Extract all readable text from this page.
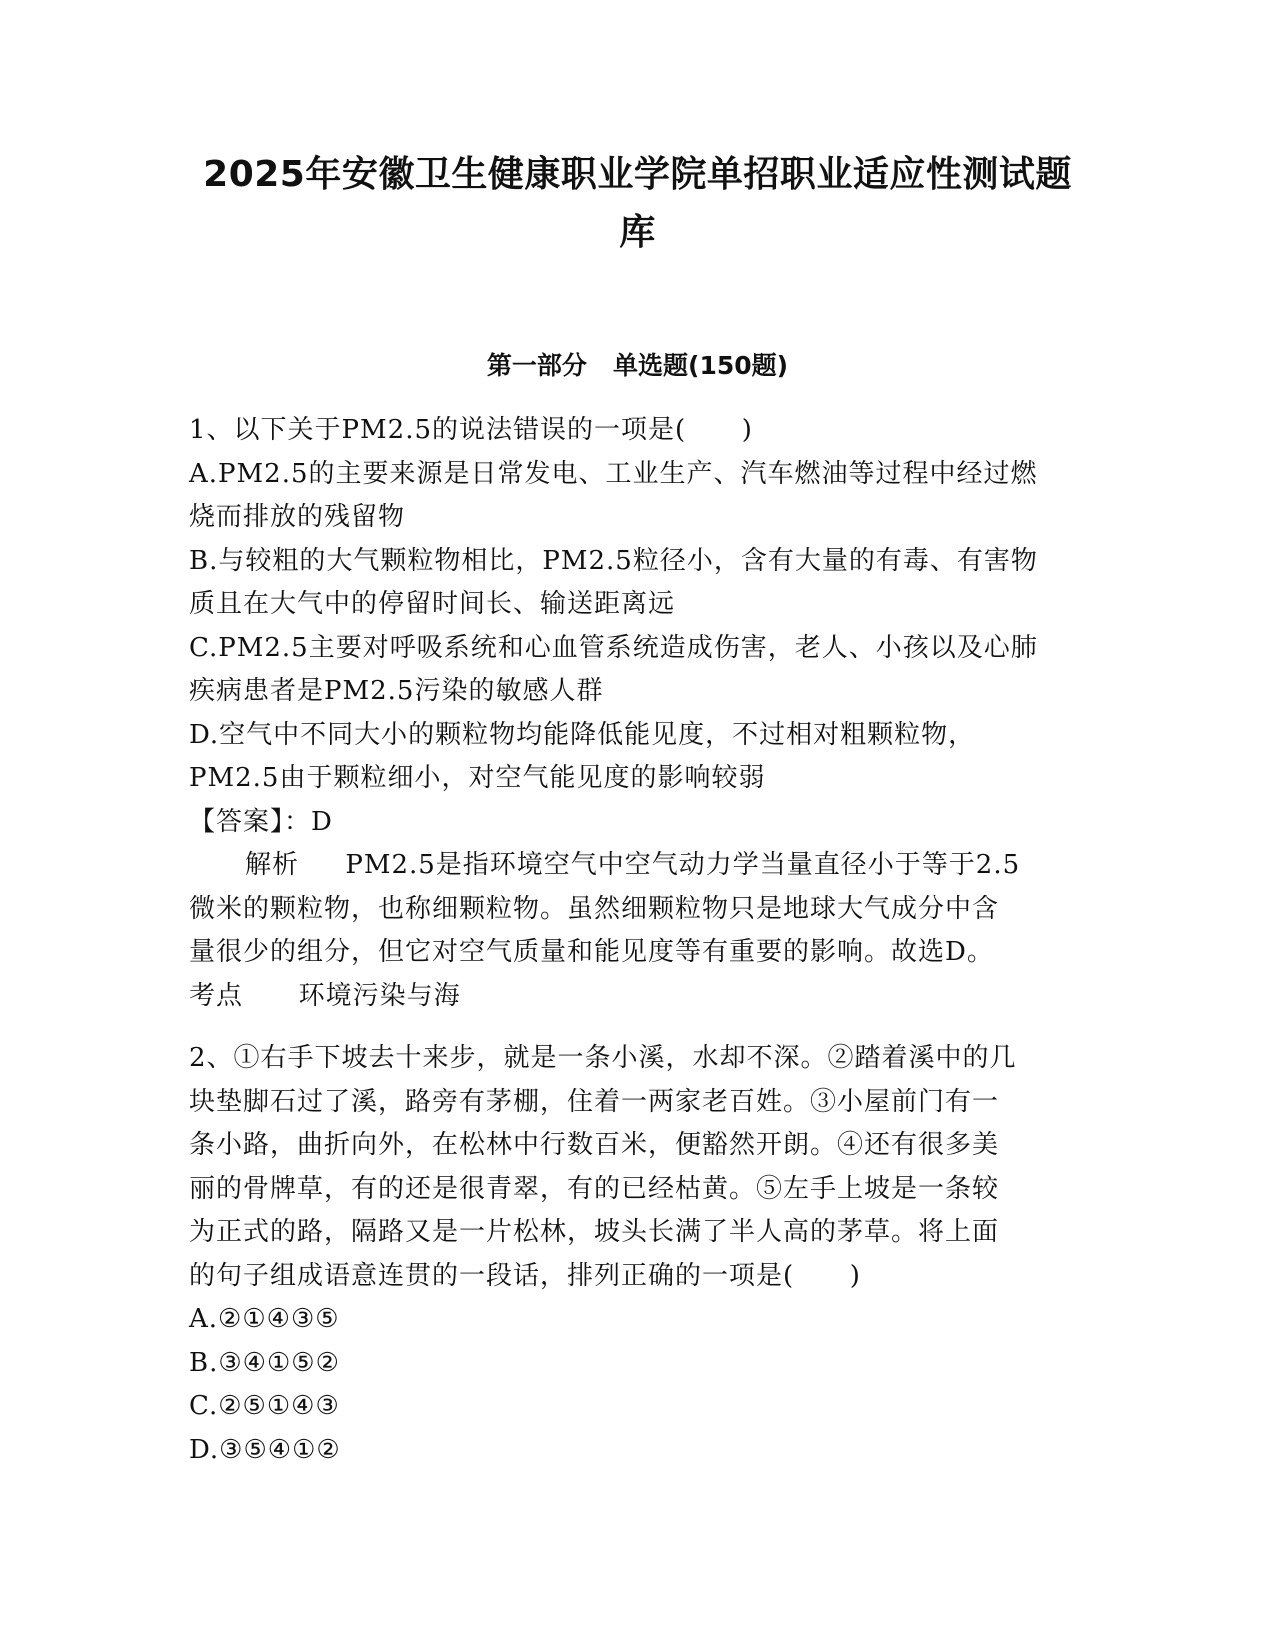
2025年安徽卫生健康职业学院单招职业适应性测试题
库
第一部分   单选题(150题)
1、以下关于PM2.5的说法错误的一项是(      )
A.PM2.5的主要来源是日常发电、工业生产、汽车燃油等过程中经过燃
烧而排放的残留物
B.与较粗的大气颗粒物相比，PM2.5粒径小，含有大量的有毒、有害物
质且在大气中的停留时间长、输送距离远
C.PM2.5主要对呼吸系统和心血管系统造成伤害，老人、小孩以及心肺
疾病患者是PM2.5污染的敏感人群
D.空气中不同大小的颗粒物均能降低能见度，不过相对粗颗粒物，
PM2.5由于颗粒细小，对空气能见度的影响较弱
【答案】：D
解析     PM2.5是指环境空气中空气动力学当量直径小于等于2.5
微米的颗粒物，也称细颗粒物。虽然细颗粒物只是地球大气成分中含
量很少的组分，但它对空气质量和能见度等有重要的影响。故选D。
考点      环境污染与海
2、①右手下坡去十来步，就是一条小溪，水却不深。②踏着溪中的几
块垫脚石过了溪，路旁有茅棚，住着一两家老百姓。③小屋前门有一
条小路，曲折向外，在松林中行数百米，便豁然开朗。④还有很多美
丽的骨牌草，有的还是很青翠，有的已经枯黄。⑤左手上坡是一条较
为正式的路，隔路又是一片松林，坡头长满了半人高的茅草。将上面
的句子组成语意连贯的一段话，排列正确的一项是(      )
A.②①④③⑤
B.③④①⑤②
C.②⑤①④③
D.③⑤④①②
